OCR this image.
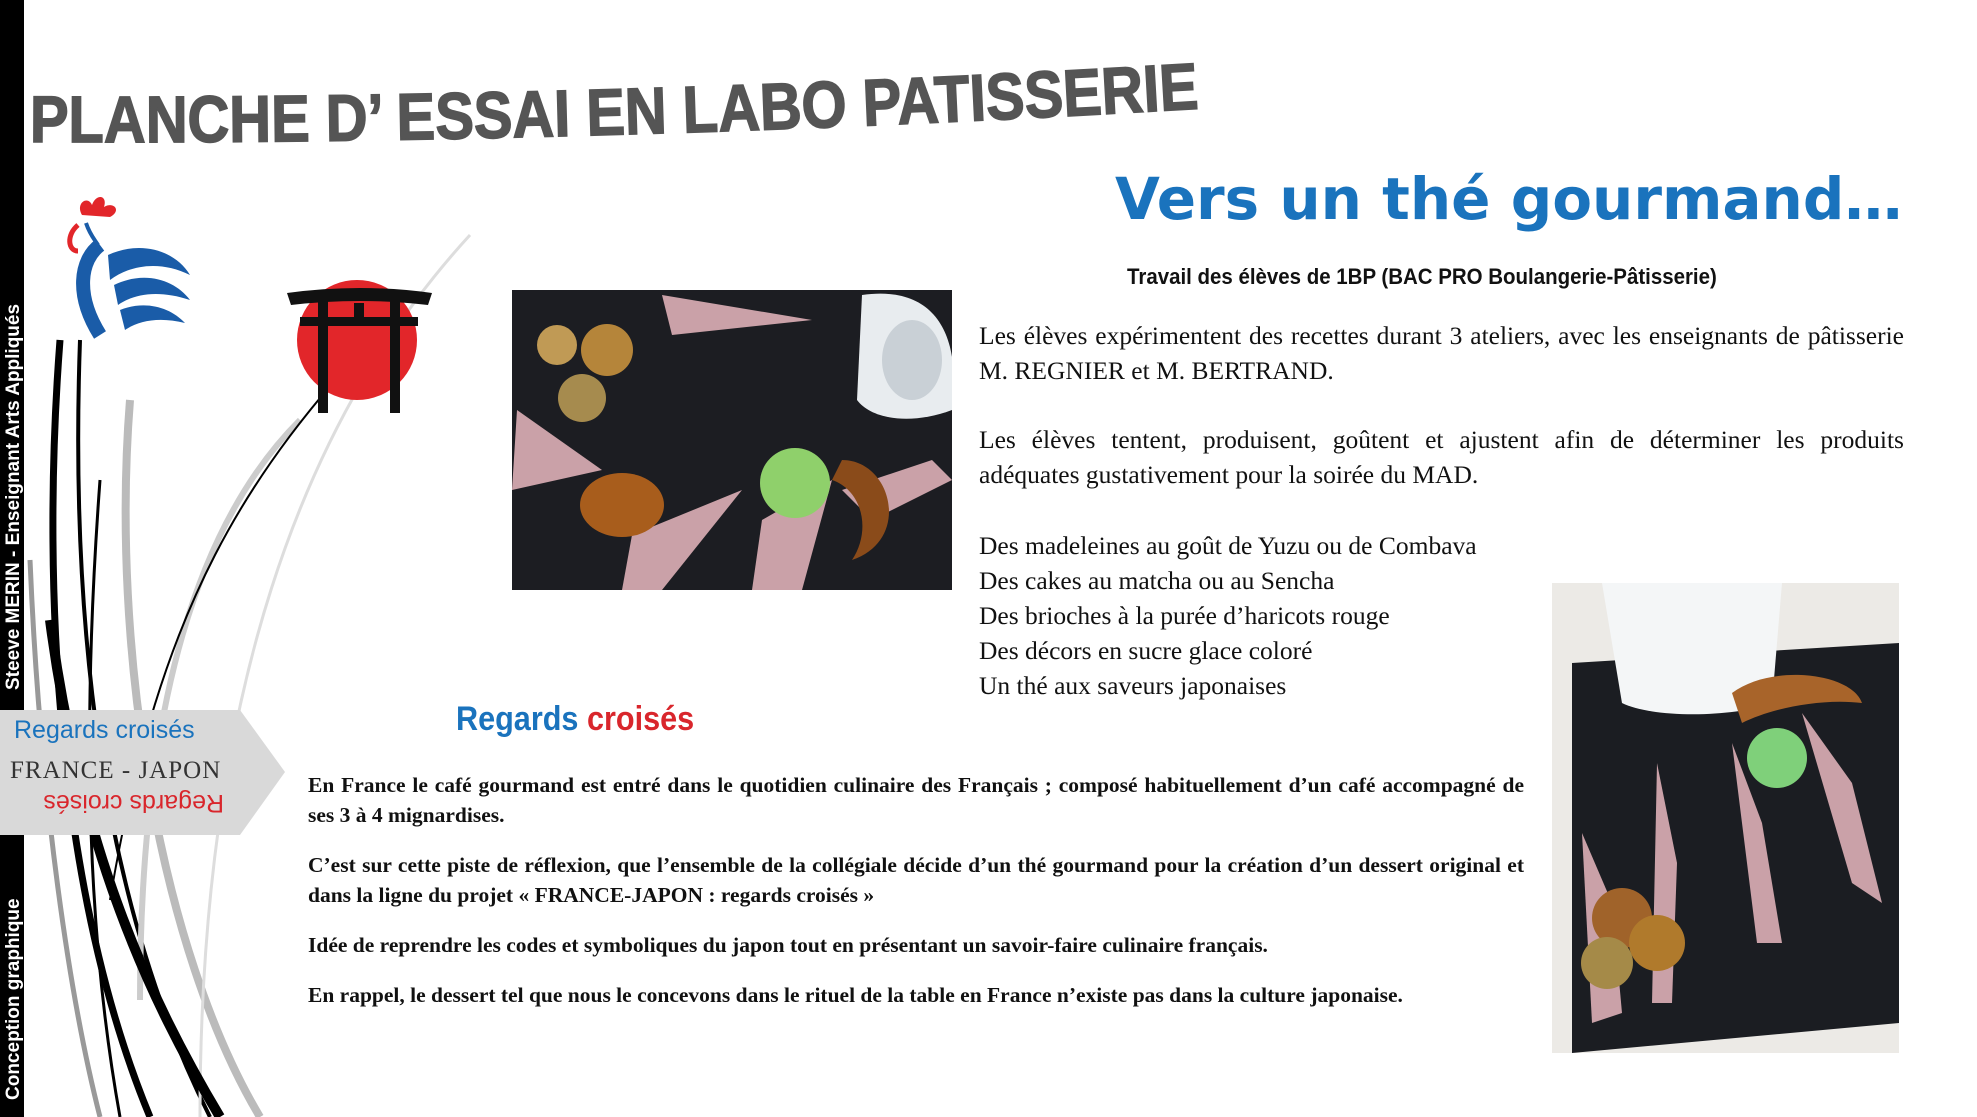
Steeve MERIN - Enseignant Arts Appliqués
Conception graphique
PLANCHE D’ ESSAI EN LABO PATISSERIE
Vers un thé gourmand…
Travail des élèves de 1BP (BAC PRO Boulangerie-Pâtisserie)

Les élèves expérimentent des recettes durant 3 ateliers, avec les enseignants de pâtisserie M. REGNIER et M. BERTRAND.

Les élèves tentent, produisent, goûtent et ajustent afin de déterminer les produits adéquates gustativement pour la soirée du MAD.

Des madeleines au goût de Yuzu ou de Combava
Des cakes au matcha ou au Sencha
Des brioches à la purée d’haricots rouge
Des décors en sucre glace coloré
Un thé aux saveurs japonaises
Regards croisés
FRANCE - JAPON
Regards croisés
Regards croisés

En France le café gourmand est entré dans le quotidien culinaire des Français ; composé habituellement d’un café accompagné de ses 3 à 4 mignardises.

C’est sur cette piste de réflexion, que l’ensemble de la collégiale décide d’un thé gourmand pour la création d’un dessert original et dans la ligne du projet « FRANCE-JAPON : regards croisés »

Idée de reprendre les codes et symboliques du japon tout en présentant un savoir-faire culinaire français.

En rappel, le dessert tel que nous le concevons dans le rituel de la table en France n’existe pas dans la culture japonaise.
